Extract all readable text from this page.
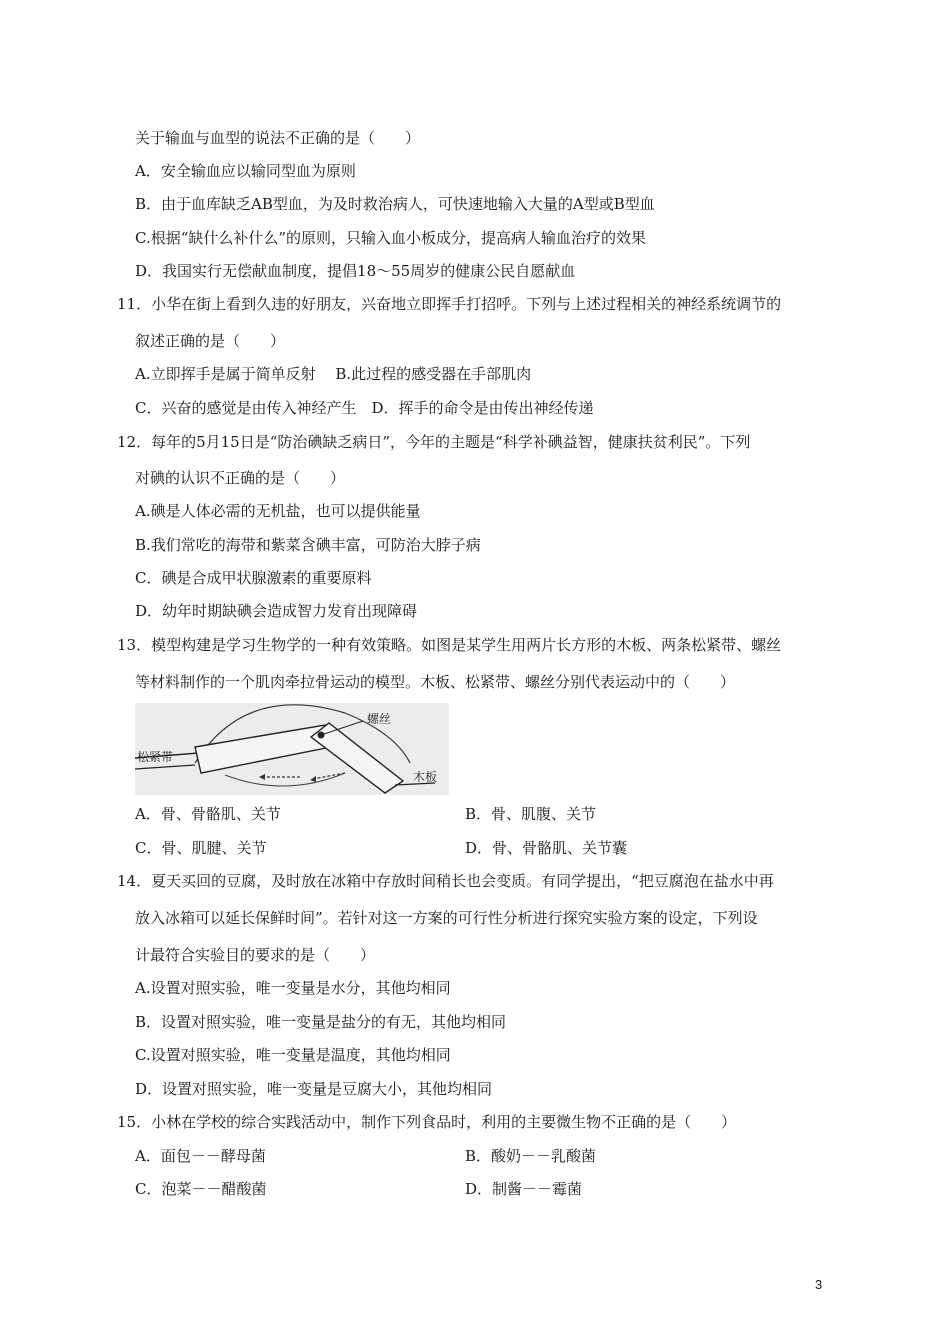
关于输血与血型的说法不正确的是（　　）
A．安全输血应以输同型血为原则
B．由于血库缺乏AB型血，为及时救治病人，可快速地输入大量的A型或B型血
C.根据“缺什么补什么”的原则，只输入血小板成分，提高病人输血治疗的效果
D．我国实行无偿献血制度，提倡18～55周岁的健康公民自愿献血
11．小华在街上看到久违的好朋友，兴奋地立即挥手打招呼。下列与上述过程相关的神经系统调节的
叙述正确的是（　　）
A.立即挥手是属于简单反射　 B.此过程的感受器在手部肌肉
C．兴奋的感觉是由传入神经产生　D．挥手的命令是由传出神经传递
12．每年的5月15日是“防治碘缺乏病日”，今年的主题是“科学补碘益智，健康扶贫利民”。下列
对碘的认识不正确的是（　　）
A.碘是人体必需的无机盐，也可以提供能量
B.我们常吃的海带和紫菜含碘丰富，可防治大脖子病
C．碘是合成甲状腺激素的重要原料
D．幼年时期缺碘会造成智力发育出现障碍
13．模型构建是学习生物学的一种有效策略。如图是某学生用两片长方形的木板、两条松紧带、螺丝
等材料制作的一个肌肉牵拉骨运动的模型。木板、松紧带、螺丝分别代表运动中的（　　）
螺丝
松紧带
木板
A．骨、骨骼肌、关节	B．骨、肌腹、关节
C．骨、肌腱、关节	D．骨、骨骼肌、关节囊
14．夏天买回的豆腐，及时放在冰箱中存放时间稍长也会变质。有同学提出，“把豆腐泡在盐水中再
放入冰箱可以延长保鲜时间”。若针对这一方案的可行性分析进行探究实验方案的设定，下列设
计最符合实验目的要求的是（　　）
A.设置对照实验，唯一变量是水分，其他均相同
B．设置对照实验，唯一变量是盐分的有无，其他均相同
C.设置对照实验，唯一变量是温度，其他均相同
D．设置对照实验，唯一变量是豆腐大小，其他均相同
15．小林在学校的综合实践活动中，制作下列食品时，利用的主要微生物不正确的是（　　）
A．面包－－酵母菌	B．酸奶－－乳酸菌
C．泡菜－－醋酸菌	D．制酱－－霉菌
3
